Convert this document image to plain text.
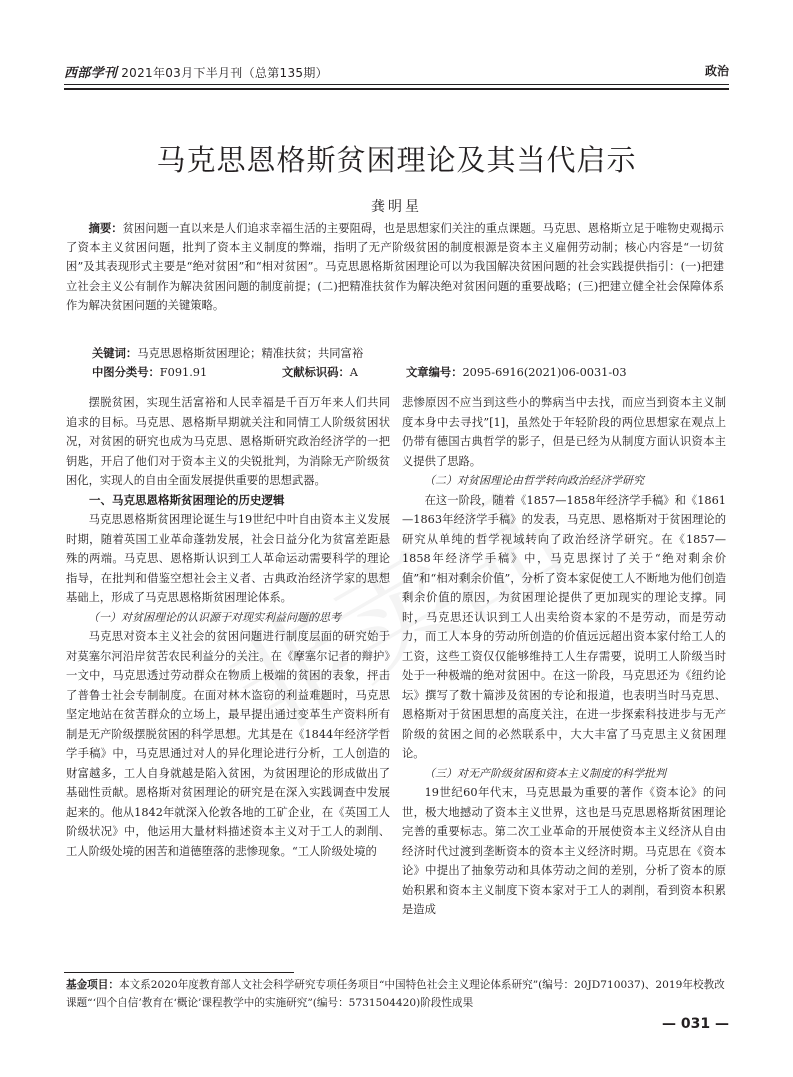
西部学刊 2021年03月下半月刊（总第135期）	政治
马克思恩格斯贫困理论及其当代启示
龚明星
摘要：贫困问题一直以来是人们追求幸福生活的主要阻碍，也是思想家们关注的重点课题。马克思、恩格斯立足于唯物史观揭示了资本主义贫困问题，批判了资本主义制度的弊端，指明了无产阶级贫困的制度根源是资本主义雇佣劳动制；核心内容是“一切贫困”及其表现形式主要是“绝对贫困”和“相对贫困”。马克思恩格斯贫困理论可以为我国解决贫困问题的社会实践提供指引：(一)把建立社会主义公有制作为解决贫困问题的制度前提；(二)把精准扶贫作为解决绝对贫困问题的重要战略；(三)把建立健全社会保障体系作为解决贫困问题的关键策略。
关键词：马克思恩格斯贫困理论；精准扶贫；共同富裕
中图分类号：F091.91	文献标识码：A	文章编号：2095-6916(2021)06-0031-03

摆脱贫困，实现生活富裕和人民幸福是千百万年来人们共同追求的目标。马克思、恩格斯早期就关注和同情工人阶级贫困状况，对贫困的研究也成为马克思、恩格斯研究政治经济学的一把钥匙，开启了他们对于资本主义的尖锐批判，为消除无产阶级贫困化，实现人的自由全面发展提供重要的思想武器。

一、马克思恩格斯贫困理论的历史逻辑

马克思恩格斯贫困理论诞生与19世纪中叶自由资本主义发展时期，随着英国工业革命蓬勃发展，社会日益分化为贫富差距悬殊的两端。马克思、恩格斯认识到工人革命运动需要科学的理论指导，在批判和借鉴空想社会主义者、古典政治经济学家的思想基础上，形成了马克思恩格斯贫困理论体系。

（一）对贫困理论的认识源于对现实利益问题的思考

马克思对资本主义社会的贫困问题进行制度层面的研究始于对莫塞尔河沿岸贫苦农民利益分的关注。在《摩塞尔记者的辩护》一文中，马克思透过劳动群众在物质上极端的贫困的表象，抨击了普鲁士社会专制制度。在面对林木盗窃的利益难题时，马克思坚定地站在贫苦群众的立场上，最早提出通过变革生产资料所有制是无产阶级摆脱贫困的科学思想。尤其是在《1844年经济学哲学手稿》中，马克思通过对人的异化理论进行分析，工人创造的财富越多，工人自身就越是陷入贫困，为贫困理论的形成做出了基础性贡献。恩格斯对贫困理论的研究是在深入实践调查中发展起来的。他从1842年就深入伦敦各地的工矿企业，在《英国工人阶级状况》中，他运用大量材料描述资本主义对于工人的剥削、工人阶级处境的困苦和道德堕落的悲惨现象。“工人阶级处境的

悲惨原因不应当到这些小的弊病当中去找，而应当到资本主义制度本身中去寻找”[1]，虽然处于年轻阶段的两位思想家在观点上仍带有德国古典哲学的影子，但是已经为从制度方面认识资本主义提供了思路。

（二）对贫困理论由哲学转向政治经济学研究

在这一阶段，随着《1857—1858年经济学手稿》和《1861—1863年经济学手稿》的发表，马克思、恩格斯对于贫困理论的研究从单纯的哲学视域转向了政治经济学研究。在《1857—1858年经济学手稿》中，马克思探讨了关于“绝对剩余价值”和“相对剩余价值”，分析了资本家促使工人不断地为他们创造剩余价值的原因，为贫困理论提供了更加现实的理论支撑。同时，马克思还认识到工人出卖给资本家的不是劳动，而是劳动力，而工人本身的劳动所创造的价值远远超出资本家付给工人的工资，这些工资仅仅能够维持工人生存需要，说明工人阶级当时处于一种极端的绝对贫困中。在这一阶段，马克思还为《纽约论坛》撰写了数十篇涉及贫困的专论和报道，也表明当时马克思、恩格斯对于贫困思想的高度关注，在进一步探索科技进步与无产阶级的贫困之间的必然联系中，大大丰富了马克思主义贫困理论。

（三）对无产阶级贫困和资本主义制度的科学批判

19世纪60年代末，马克思最为重要的著作《资本论》的问世，极大地撼动了资本主义世界，这也是马克思恩格斯贫困理论完善的重要标志。第二次工业革命的开展使资本主义经济从自由经济时代过渡到垄断资本的资本主义经济时期。马克思在《资本论》中提出了抽象劳动和具体劳动之间的差别，分析了资本的原始积累和资本主义制度下资本家对于工人的剥削，看到资本积累是造成

基金项目：本文系2020年度教育部人文社会科学研究专项任务项目“中国特色社会主义理论体系研究”(编号：20JD710037)、2019年校教改课题“‘四个自信’教育在‘概论’课程教学中的实施研究”(编号：5731504420)阶段性成果
— 031 —
